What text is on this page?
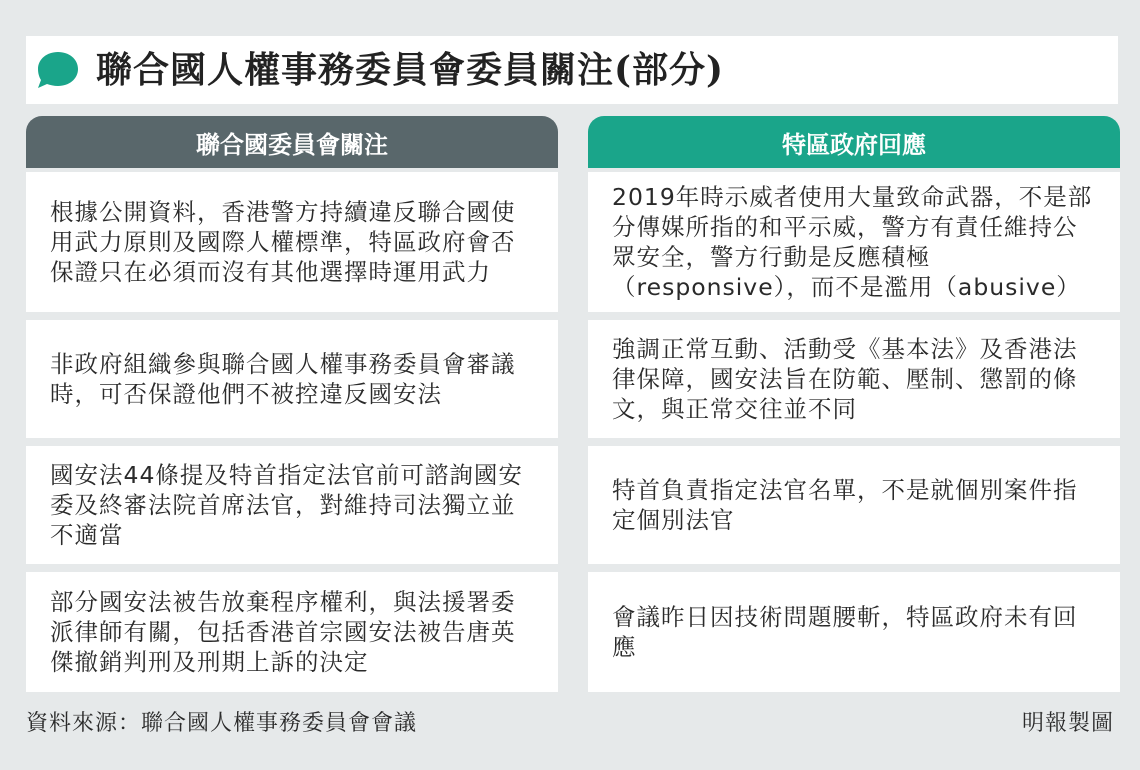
聯合國人權事務委員會委員關注(部分)
聯合國委員會關注	特區政府回應
根據公開資料，香港警方持續違反聯合國使用武力原則及國際人權標準，特區政府會否保證只在必須而沒有其他選擇時運用武力
2019年時示威者使用大量致命武器，不是部分傳媒所指的和平示威，警方有責任維持公眾安全，警方行動是反應積極（responsive），而不是濫用（abusive）
非政府組織參與聯合國人權事務委員會審議時，可否保證他們不被控違反國安法
強調正常互動、活動受《基本法》及香港法律保障，國安法旨在防範、壓制、懲罰的條文，與正常交往並不同
國安法44條提及特首指定法官前可諮詢國安委及終審法院首席法官，對維持司法獨立並不適當
特首負責指定法官名單，不是就個別案件指定個別法官
部分國安法被告放棄程序權利，與法援署委派律師有關，包括香港首宗國安法被告唐英傑撤銷判刑及刑期上訴的決定
會議昨日因技術問題腰斬，特區政府未有回應
資料來源：聯合國人權事務委員會會議	明報製圖
